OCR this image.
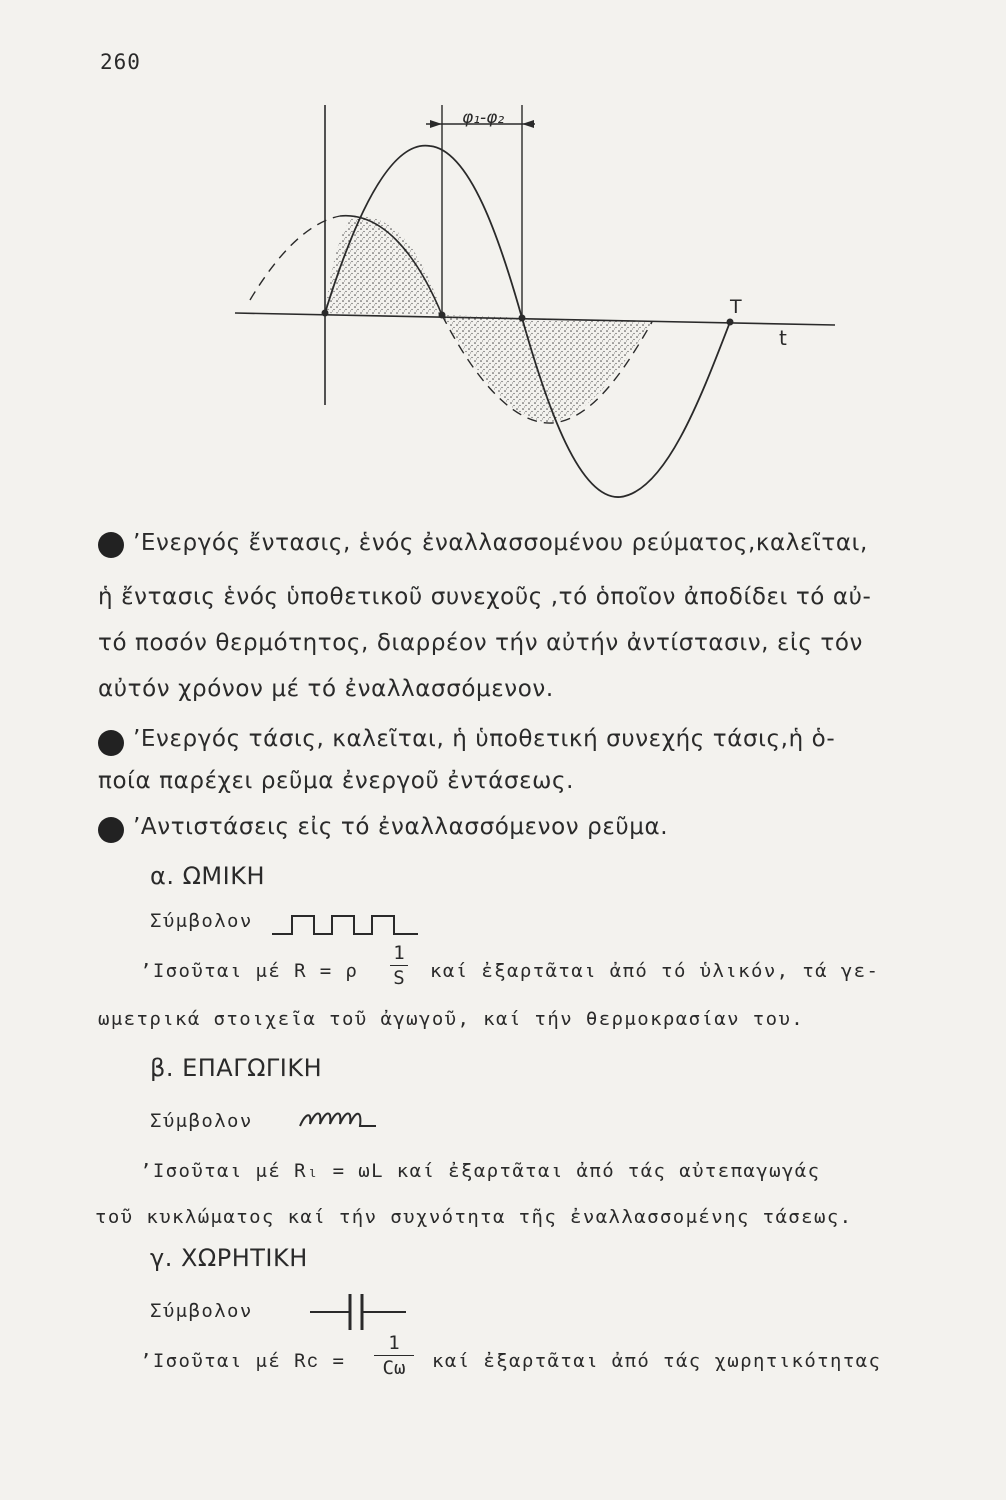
260
φ₁-φ₂
T
t
’Ενεργός ἔντασις, ἑνός ἐναλλασσομένου ρεύματος,καλεῖται,
ἡ ἔντασις ἑνός ὑποθετικοῦ συνεχοῦς ,τό ὁποῖον ἀποδίδει τό αὐ-
τό ποσόν θερμότητος, διαρρέον τήν αὐτήν ἀντίστασιν, εἰς τόν
αὐτόν χρόνον μέ τό ἐναλλασσόμενον.
’Ενεργός τάσις, καλεῖται, ἡ ὑποθετική συνεχής τάσις,ἡ ὁ-
ποία παρέχει ρεῦμα ἐνεργοῦ ἐντάσεως.
’Αντιστάσεις εἰς τό ἐναλλασσόμενον ρεῦμα.
α. ΩΜΙΚΗ
Σύμβολον
’Ισοῦται μέ R = ρ
1
S καί ἐξαρτᾶται ἀπό τό ὑλικόν, τά γε-
ωμετρικά στοιχεῖα τοῦ ἀγωγοῦ, καί τήν θερμοκρασίαν του.
β. ΕΠΑΓΩΓΙΚΗ
Σύμβολον
’Ισοῦται μέ Rₗ = ωL καί ἐξαρτᾶται ἀπό τάς αὐτεπαγωγάς
τοῦ κυκλώματος καί τήν συχνότητα τῆς ἐναλλασσομένης τάσεως.
γ. ΧΩΡΗΤΙΚΗ
Σύμβολον
’Ισοῦται μέ Rᴄ =
1
Cω	καί ἐξαρτᾶται ἀπό τάς χωρητικότητας
